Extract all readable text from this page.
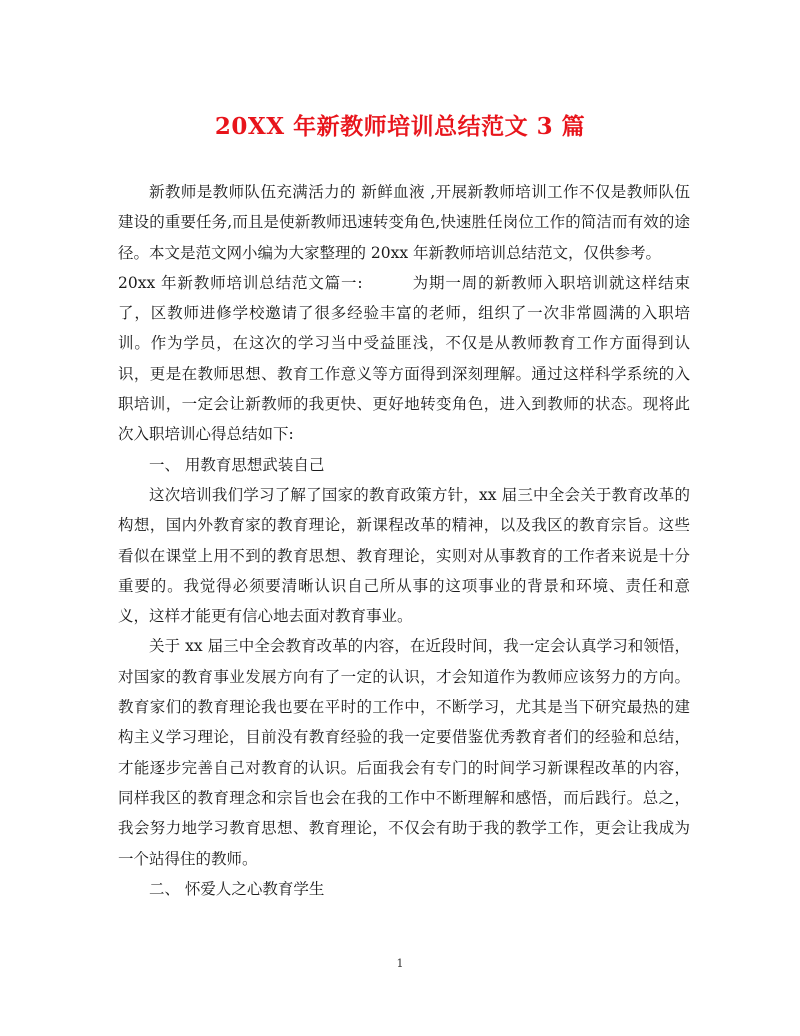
20XX 年新教师培训总结范文 3 篇

新教师是教师队伍充满活力的 新鲜血液 ,开展新教师培训工作不仅是教师队伍建设的重要任务,而且是使新教师迅速转变角色,快速胜任岗位工作的简洁而有效的途径。本文是范文网小编为大家整理的 20xx 年新教师培训总结范文，仅供参考。

20xx 年新教师培训总结范文篇一:　　　为期一周的新教师入职培训就这样结束了，区教师进修学校邀请了很多经验丰富的老师，组织了一次非常圆满的入职培训。作为学员，在这次的学习当中受益匪浅，不仅是从教师教育工作方面得到认识，更是在教师思想、教育工作意义等方面得到深刻理解。通过这样科学系统的入职培训，一定会让新教师的我更快、更好地转变角色，进入到教师的状态。现将此次入职培训心得总结如下:

一、 用教育思想武装自己

这次培训我们学习了解了国家的教育政策方针，xx 届三中全会关于教育改革的构想，国内外教育家的教育理论，新课程改革的精神，以及我区的教育宗旨。这些看似在课堂上用不到的教育思想、教育理论，实则对从事教育的工作者来说是十分重要的。我觉得必须要清晰认识自己所从事的这项事业的背景和环境、责任和意义，这样才能更有信心地去面对教育事业。

关于 xx 届三中全会教育改革的内容，在近段时间，我一定会认真学习和领悟，对国家的教育事业发展方向有了一定的认识，才会知道作为教师应该努力的方向。教育家们的教育理论我也要在平时的工作中，不断学习，尤其是当下研究最热的建构主义学习理论，目前没有教育经验的我一定要借鉴优秀教育者们的经验和总结，才能逐步完善自己对教育的认识。后面我会有专门的时间学习新课程改革的内容，同样我区的教育理念和宗旨也会在我的工作中不断理解和感悟，而后践行。总之，我会努力地学习教育思想、教育理论，不仅会有助于我的教学工作，更会让我成为一个站得住的教师。

二、 怀爱人之心教育学生

1
